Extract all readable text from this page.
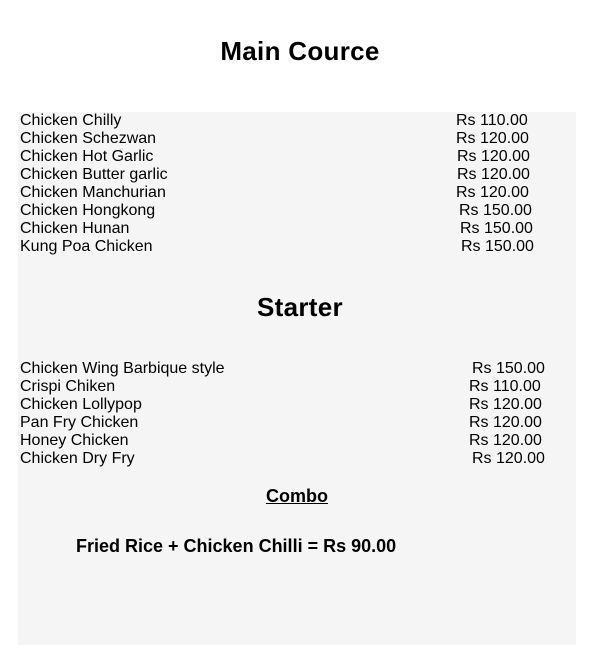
Main Cource
Chicken Chilly	Rs 110.00
Chicken Schezwan	Rs 120.00
Chicken Hot Garlic	Rs 120.00
Chicken Butter garlic	Rs 120.00
Chicken Manchurian	Rs 120.00
Chicken Hongkong	Rs 150.00
Chicken Hunan	Rs 150.00
Kung Poa Chicken	Rs 150.00
Starter
Chicken Wing Barbique style	Rs 150.00
Crispi Chiken	Rs 110.00
Chicken Lollypop	Rs 120.00
Pan Fry Chicken	Rs 120.00
Honey Chicken	Rs 120.00
Chicken Dry Fry	Rs 120.00
Combo
Fried Rice + Chicken Chilli = Rs 90.00
